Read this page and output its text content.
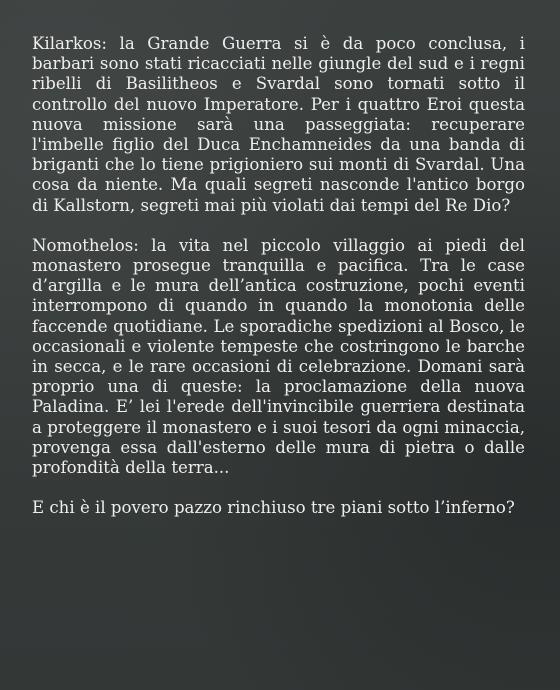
Kilarkos: la Grande Guerra si è da poco conclusa, i barbari sono stati ricacciati nelle giungle del sud e i regni ribelli di Basilitheos e Svardal sono tornati sotto il controllo del nuovo Imperatore. Per i quattro Eroi questa nuova missione sarà una passeggiata: recuperare l'imbelle figlio del Duca Enchamneides da una banda di briganti che lo tiene prigioniero sui monti di Svardal. Una cosa da niente. Ma quali segreti nasconde l'antico borgo di Kallstorn, segreti mai più violati dai tempi del Re Dio?

Nomothelos: la vita nel piccolo villaggio ai piedi del monastero prosegue tranquilla e pacifica. Tra le case d’argilla e le mura dell’antica costruzione, pochi eventi interrompono di quando in quando la monotonia delle faccende quotidiane. Le sporadiche spedizioni al Bosco, le occasionali e violente tempeste che costringono le barche in secca, e le rare occasioni di celebrazione. Domani sarà proprio una di queste: la proclamazione della nuova Paladina. E’ lei l'erede dell'invincibile guerriera destinata a proteggere il monastero e i suoi tesori da ogni minaccia, provenga essa dall'esterno delle mura di pietra o dalle profondità della terra...

E chi è il povero pazzo rinchiuso tre piani sotto l’inferno?
